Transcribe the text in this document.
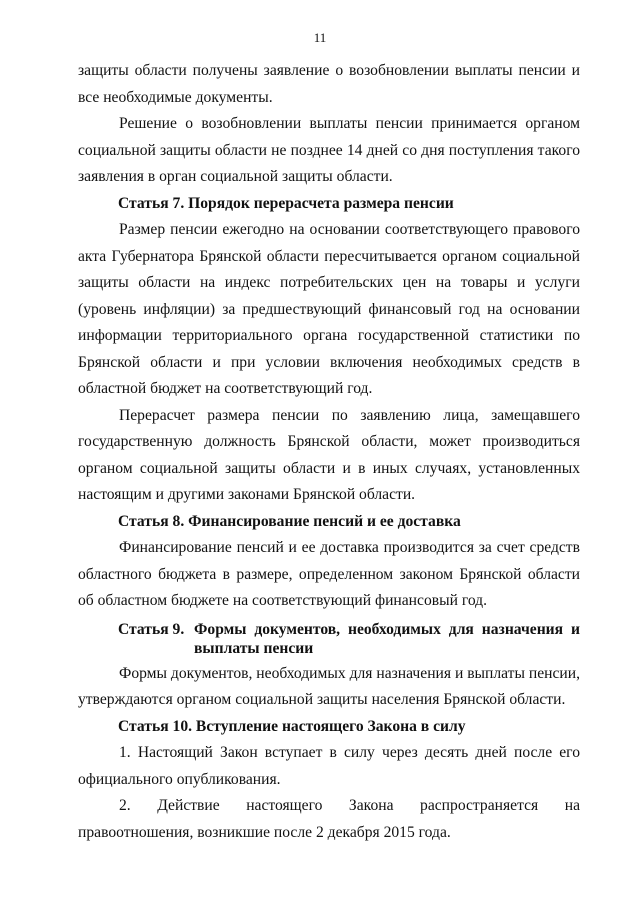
11

защиты области получены заявление о возобновлении выплаты пенсии и все необходимые документы.

Решение о возобновлении выплаты пенсии принимается органом социальной защиты области не позднее 14 дней со дня поступления такого заявления в орган социальной защиты области.

Статья 7. Порядок перерасчета размера пенсии

Размер пенсии ежегодно на основании соответствующего правового акта Губернатора Брянской области пересчитывается органом социальной защиты области на индекс потребительских цен на товары и услуги (уровень инфляции) за предшествующий финансовый год на основании информации территориального органа государственной статистики по Брянской области и при условии включения необходимых средств в областной бюджет на соответствующий год.

Перерасчет размера пенсии по заявлению лица, замещавшего государственную должность Брянской области, может производиться органом социальной защиты области и в иных случаях, установленных настоящим и другими законами Брянской области.

Статья 8. Финансирование пенсий и ее доставка

Финансирование пенсий и ее доставка производится за счет средств областного бюджета в размере, определенном законом Брянской области об областном бюджете на соответствующий финансовый год.

Статья 9. Формы документов, необходимых для назначения и выплаты пенсии

Формы документов, необходимых для назначения и выплаты пенсии, утверждаются органом социальной защиты населения Брянской области.

Статья 10. Вступление настоящего Закона в силу

1. Настоящий Закон вступает в силу через десять дней после его официального опубликования.

2. Действие настоящего Закона распространяется на правоотношения, возникшие после 2 декабря 2015 года.
